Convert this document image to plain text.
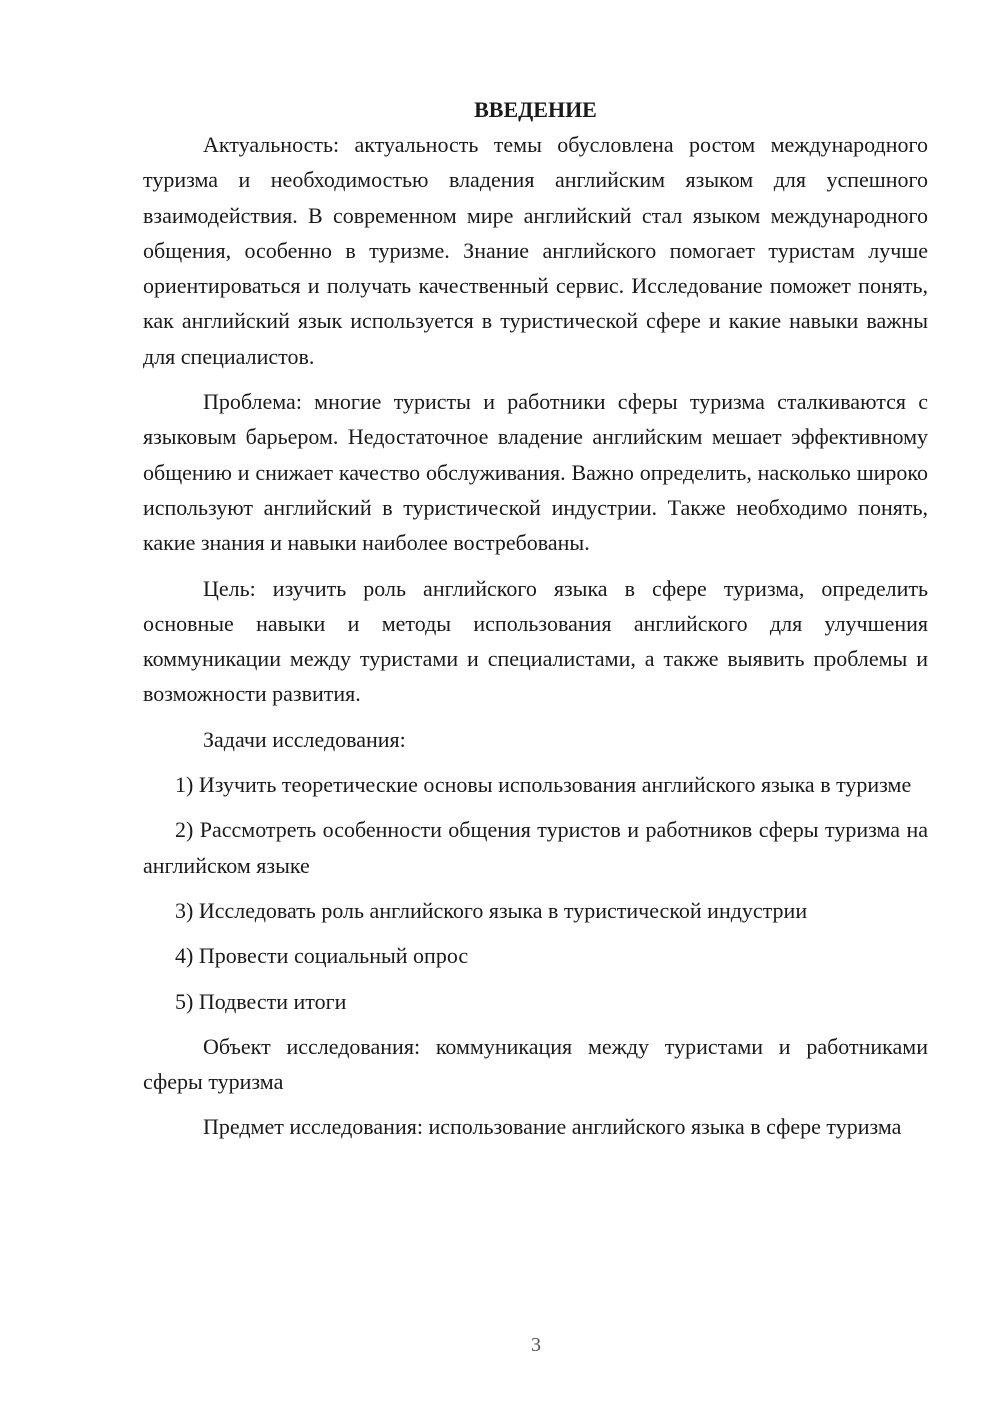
ВВЕДЕНИЕ

Актуальность: актуальность темы обусловлена ростом международного туризма и необходимостью владения английским языком для успешного взаимодействия. В современном мире английский стал языком международного общения, особенно в туризме. Знание английского помогает туристам лучше ориентироваться и получать качественный сервис. Исследование поможет понять, как английский язык используется в туристической сфере и какие навыки важны для специалистов.

Проблема: многие туристы и работники сферы туризма сталкиваются с языковым барьером. Недостаточное владение английским мешает эффективному общению и снижает качество обслуживания. Важно определить, насколько широко используют английский в туристической индустрии. Также необходимо понять, какие знания и навыки наиболее востребованы.

Цель: изучить роль английского языка в сфере туризма, определить основные навыки и методы использования английского для улучшения коммуникации между туристами и специалистами, а также выявить проблемы и возможности развития.

Задачи исследования:

1) Изучить теоретические основы использования английского языка в туризме

2) Рассмотреть особенности общения туристов и работников сферы туризма на английском языке

3) Исследовать роль английского языка в туристической индустрии

4) Провести социальный опрос

5) Подвести итоги

Объект исследования: коммуникация между туристами и работниками сферы туризма

Предмет исследования: использование английского языка в сфере туризма

3
